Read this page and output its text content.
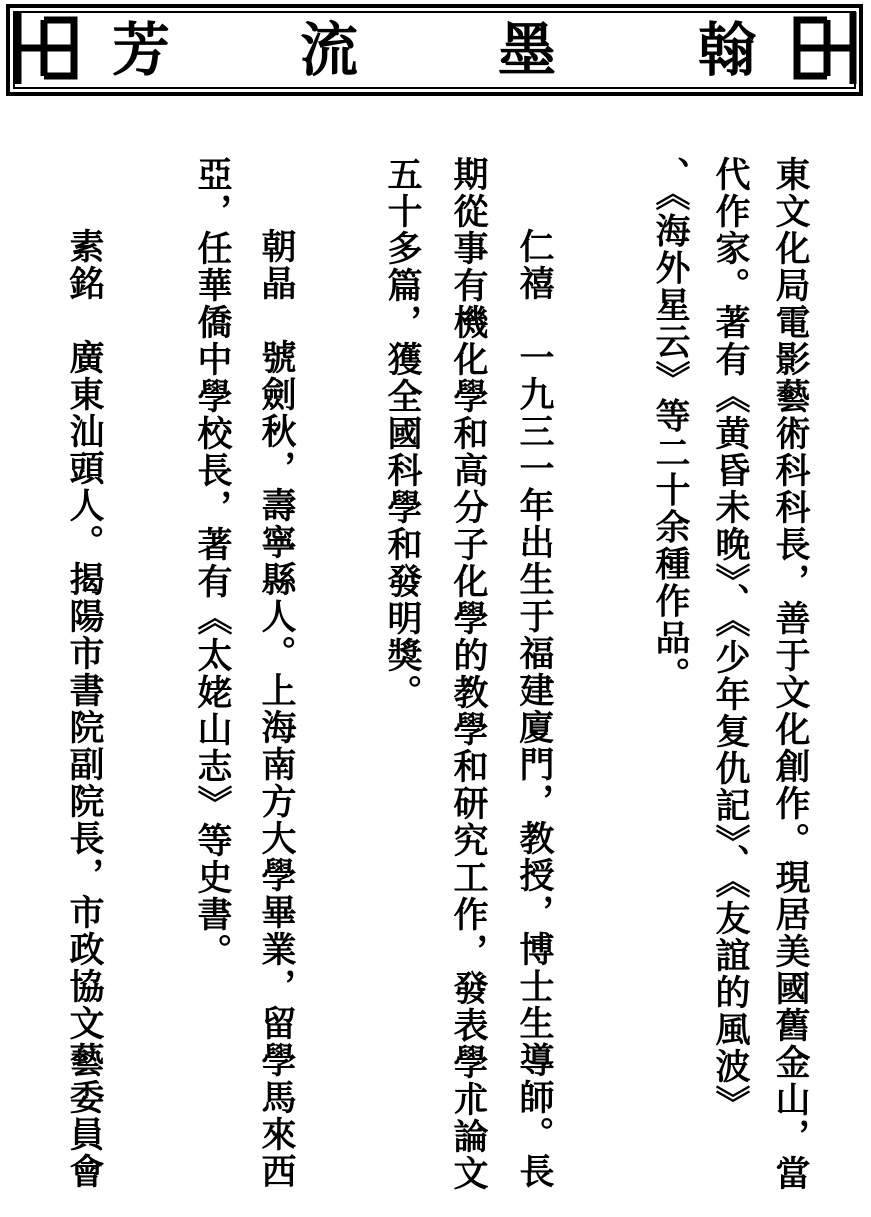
翰
墨
流
芳
東文化局電影藝術科科長，善于文化創作。現居美國舊金山，當
代作家。著有《黄昏未晚》、《少年复仇記》、《友誼的風波》
、《海外星云》等二十余種作品。
仁禧　一九三一年出生于福建廈門，教授，博士生導師。長
期從事有機化學和高分子化學的教學和研究工作，發表學朮論文
五十多篇，獲全國科學和發明獎。
朝晶　號劍秋，壽寧縣人。上海南方大學畢業，留學馬來西
亞，任華僑中學校長，著有《太姥山志》等史書。
素銘　廣東汕頭人。揭陽市書院副院長，市政協文藝委員會
